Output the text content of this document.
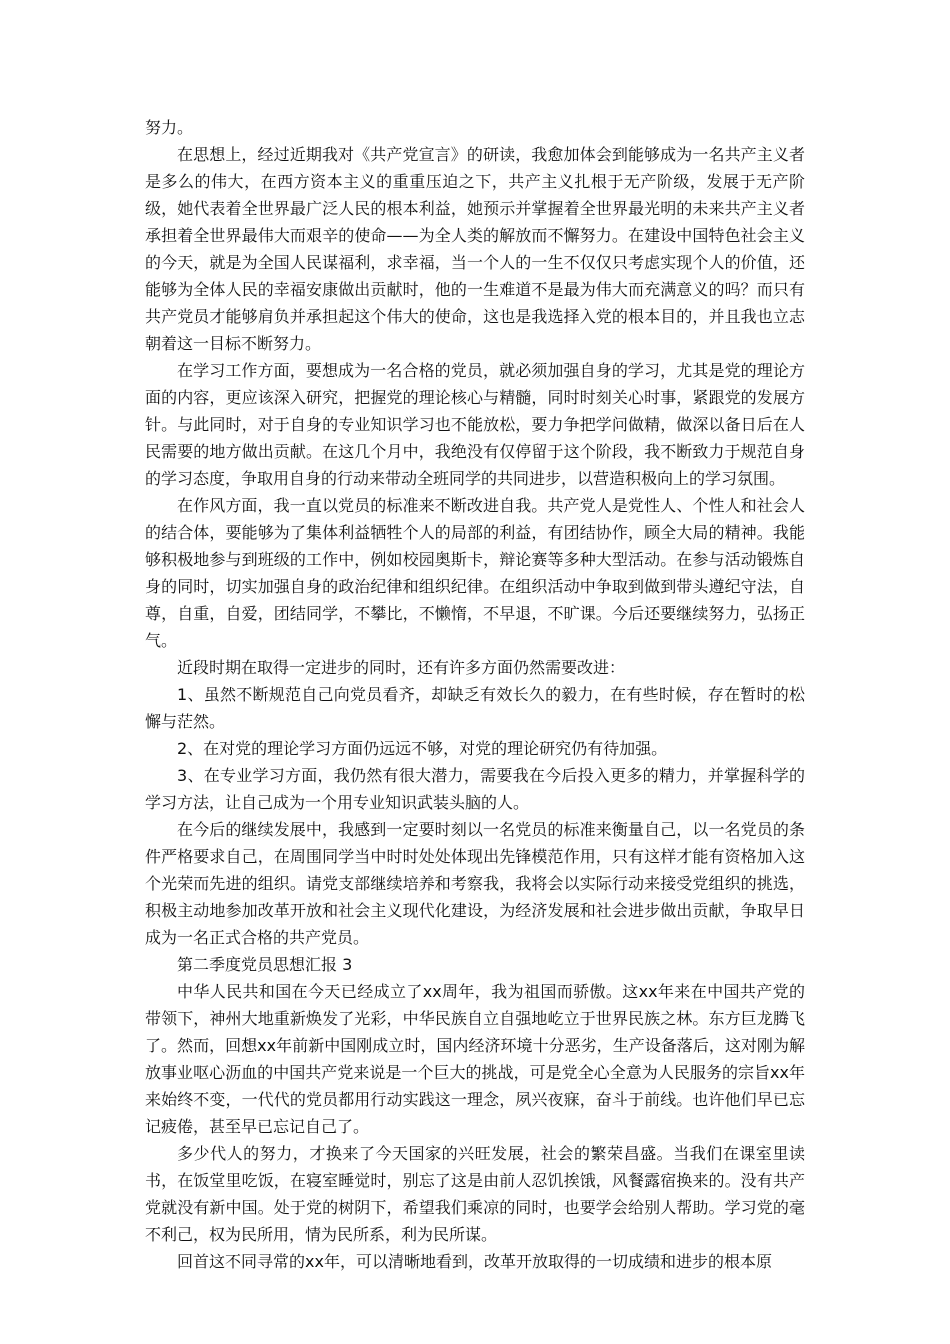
努力。

在思想上，经过近期我对《共产党宣言》的研读，我愈加体会到能够成为一名共产主义者是多么的伟大，在西方资本主义的重重压迫之下，共产主义扎根于无产阶级，发展于无产阶级，她代表着全世界最广泛人民的根本利益，她预示并掌握着全世界最光明的未来共产主义者承担着全世界最伟大而艰辛的使命——为全人类的解放而不懈努力。在建设中国特色社会主义的今天，就是为全国人民谋福利，求幸福，当一个人的一生不仅仅只考虑实现个人的价值，还能够为全体人民的幸福安康做出贡献时，他的一生难道不是最为伟大而充满意义的吗？而只有共产党员才能够肩负并承担起这个伟大的使命，这也是我选择入党的根本目的，并且我也立志朝着这一目标不断努力。

在学习工作方面，要想成为一名合格的党员，就必须加强自身的学习，尤其是党的理论方面的内容，更应该深入研究，把握党的理论核心与精髓，同时时刻关心时事，紧跟党的发展方针。与此同时，对于自身的专业知识学习也不能放松，要力争把学问做精，做深以备日后在人民需要的地方做出贡献。在这几个月中，我绝没有仅停留于这个阶段，我不断致力于规范自身的学习态度，争取用自身的行动来带动全班同学的共同进步，以营造积极向上的学习氛围。

在作风方面，我一直以党员的标准来不断改进自我。共产党人是党性人、个性人和社会人的结合体，要能够为了集体利益牺牲个人的局部的利益，有团结协作，顾全大局的精神。我能够积极地参与到班级的工作中，例如校园奥斯卡，辩论赛等多种大型活动。在参与活动锻炼自身的同时，切实加强自身的政治纪律和组织纪律。在组织活动中争取到做到带头遵纪守法，自尊，自重，自爱，团结同学，不攀比，不懒惰，不早退，不旷课。今后还要继续努力，弘扬正气。

近段时期在取得一定进步的同时，还有许多方面仍然需要改进：

1、虽然不断规范自己向党员看齐，却缺乏有效长久的毅力，在有些时候，存在暂时的松懈与茫然。

2、在对党的理论学习方面仍远远不够，对党的理论研究仍有待加强。

3、在专业学习方面，我仍然有很大潜力，需要我在今后投入更多的精力，并掌握科学的学习方法，让自己成为一个用专业知识武装头脑的人。

在今后的继续发展中，我感到一定要时刻以一名党员的标准来衡量自己，以一名党员的条件严格要求自己，在周围同学当中时时处处体现出先锋模范作用，只有这样才能有资格加入这个光荣而先进的组织。请党支部继续培养和考察我，我将会以实际行动来接受党组织的挑选，积极主动地参加改革开放和社会主义现代化建设，为经济发展和社会进步做出贡献，争取早日成为一名正式合格的共产党员。

第二季度党员思想汇报 3

中华人民共和国在今天已经成立了xx周年，我为祖国而骄傲。这xx年来在中国共产党的带领下，神州大地重新焕发了光彩，中华民族自立自强地屹立于世界民族之林。东方巨龙腾飞了。然而，回想xx年前新中国刚成立时，国内经济环境十分恶劣，生产设备落后，这对刚为解放事业呕心沥血的中国共产党来说是一个巨大的挑战，可是党全心全意为人民服务的宗旨xx年来始终不变，一代代的党员都用行动实践这一理念，夙兴夜寐，奋斗于前线。也许他们早已忘记疲倦，甚至早已忘记自己了。

多少代人的努力，才换来了今天国家的兴旺发展，社会的繁荣昌盛。当我们在课室里读书，在饭堂里吃饭，在寝室睡觉时，别忘了这是由前人忍饥挨饿，风餐露宿换来的。没有共产党就没有新中国。处于党的树阴下，希望我们乘凉的同时，也要学会给别人帮助。学习党的毫不利己，权为民所用，情为民所系，利为民所谋。

回首这不同寻常的xx年，可以清晰地看到，改革开放取得的一切成绩和进步的根本原
